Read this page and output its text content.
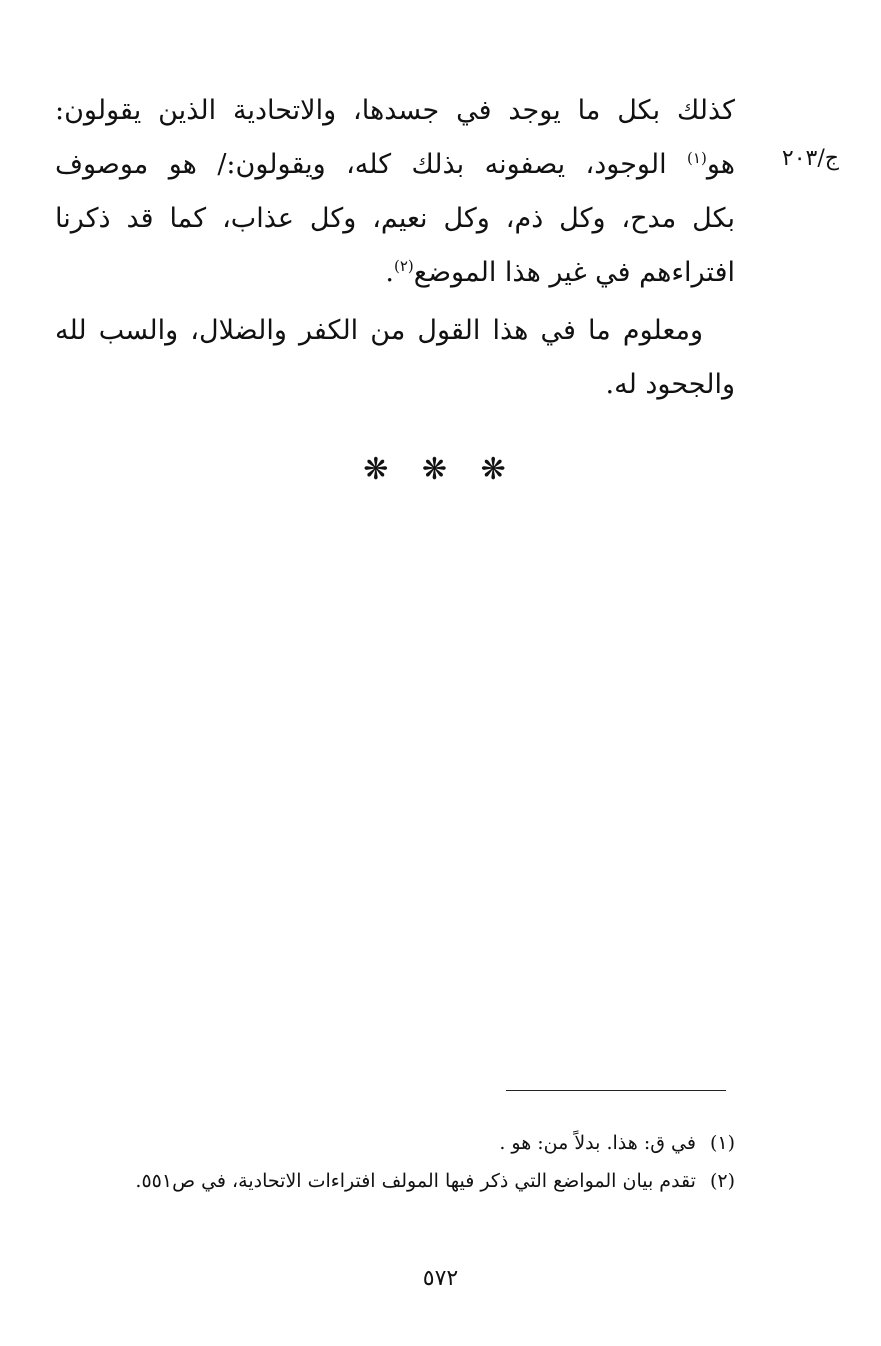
ج/٢٠٣
كذلك بكل ما يوجد في جسدها، والاتحادية الذين يقولون:
هو$^{(١)}$ الوجود، يصفونه بذلك كله، ويقولون:/ هو موصوف
بكل مدح، وكل ذم، وكل نعيم، وكل عذاب، كما قد ذكرنا
افتراءهم في غير هذا الموضع$^{(٢)}$.
ومعلوم ما في هذا القول من الكفر والضلال، والسب لله
والجحود له.
❋ ❋ ❋
(١)في ق: هذا. بدلاً من: هو .
(٢)تقدم بيان المواضع التي ذكر فيها المولف افتراءات الاتحادية، في ص٥٥١.
٥٧٢
